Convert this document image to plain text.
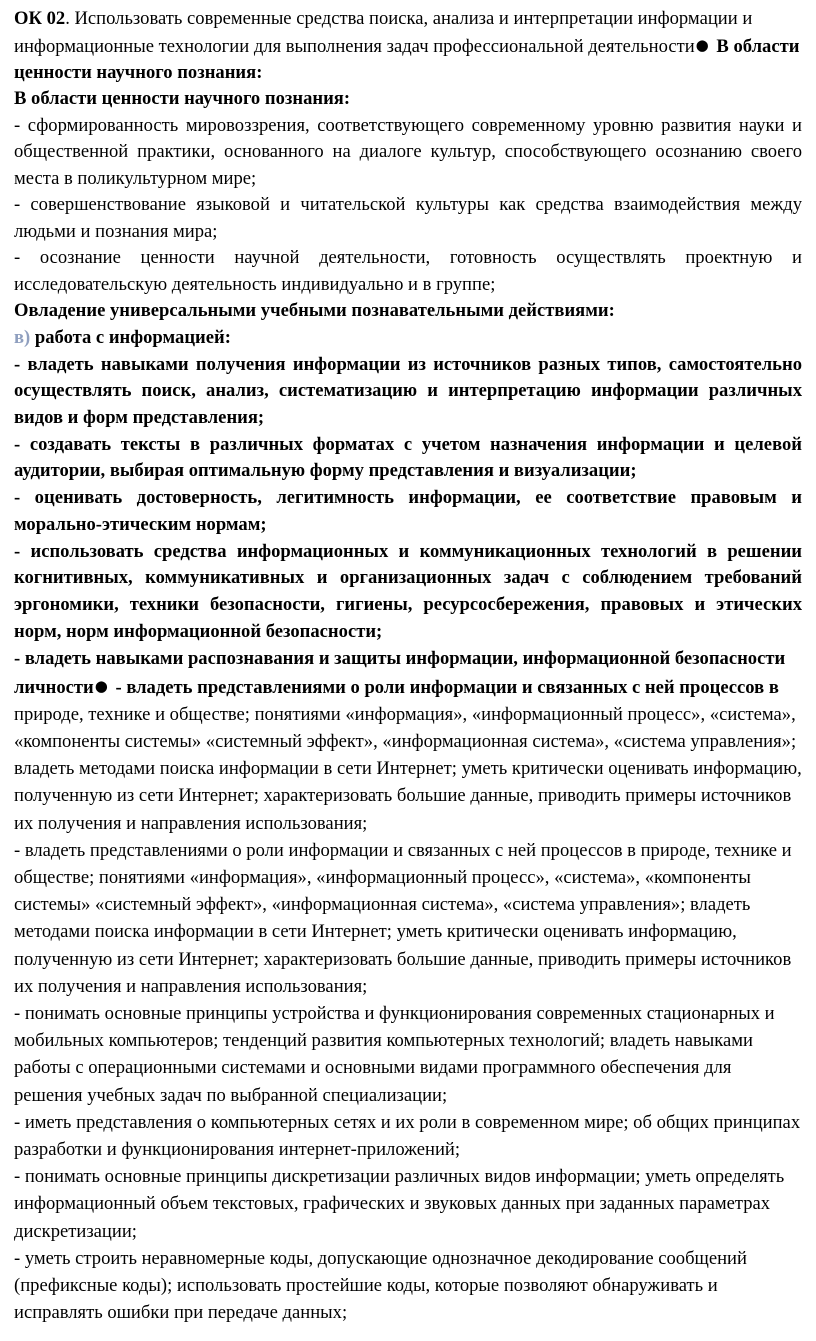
ОК 02. Использовать современные средства поиска, анализа и интерпретации информации и информационные технологии для выполнения задач профессиональной деятельности● В области ценности научного познания:

В области ценности научного познания:

- сформированность мировоззрения, соответствующего современному уровню развития науки и общественной практики, основанного на диалоге культур, способствующего осознанию своего места в поликультурном мире;

- совершенствование языковой и читательской культуры как средства взаимодействия между людьми и познания мира;

- осознание ценности научной деятельности, готовность осуществлять проектную и исследовательскую деятельность индивидуально и в группе;

Овладение универсальными учебными познавательными действиями:

в) работа с информацией:

- владеть навыками получения информации из источников разных типов, самостоятельно осуществлять поиск, анализ, систематизацию и интерпретацию информации различных видов и форм представления;

- создавать тексты в различных форматах с учетом назначения информации и целевой аудитории, выбирая оптимальную форму представления и визуализации;

- оценивать достоверность, легитимность информации, ее соответствие правовым и морально-этическим нормам;

- использовать средства информационных и коммуникационных технологий в решении когнитивных, коммуникативных и организационных задач с соблюдением требований эргономики, техники безопасности, гигиены, ресурсосбережения, правовых и этических норм, норм информационной безопасности;

- владеть навыками распознавания и защиты информации, информационной безопасности личности● - владеть представлениями о роли информации и связанных с ней процессов в природе, технике и обществе; понятиями «информация», «информационный процесс», «система», «компоненты системы» «системный эффект», «информационная система», «система управления»; владеть методами поиска информации в сети Интернет; уметь критически оценивать информацию, полученную из сети Интернет; характеризовать большие данные, приводить примеры источников их получения и направления использования;

- владеть представлениями о роли информации и связанных с ней процессов в природе, технике и обществе; понятиями «информация», «информационный процесс», «система», «компоненты системы» «системный эффект», «информационная система», «система управления»; владеть методами поиска информации в сети Интернет; уметь критически оценивать информацию, полученную из сети Интернет; характеризовать большие данные, приводить примеры источников их получения и направления использования;

- понимать основные принципы устройства и функционирования современных стационарных и мобильных компьютеров; тенденций развития компьютерных технологий; владеть навыками работы с операционными системами и основными видами программного обеспечения для решения учебных задач по выбранной специализации;

- иметь представления о компьютерных сетях и их роли в современном мире; об общих принципах разработки и функционирования интернет-приложений;

- понимать основные принципы дискретизации различных видов информации; уметь определять информационный объем текстовых, графических и звуковых данных при заданных параметрах дискретизации;

- уметь строить неравномерные коды, допускающие однозначное декодирование сообщений (префиксные коды); использовать простейшие коды, которые позволяют обнаруживать и исправлять ошибки при передаче данных;
